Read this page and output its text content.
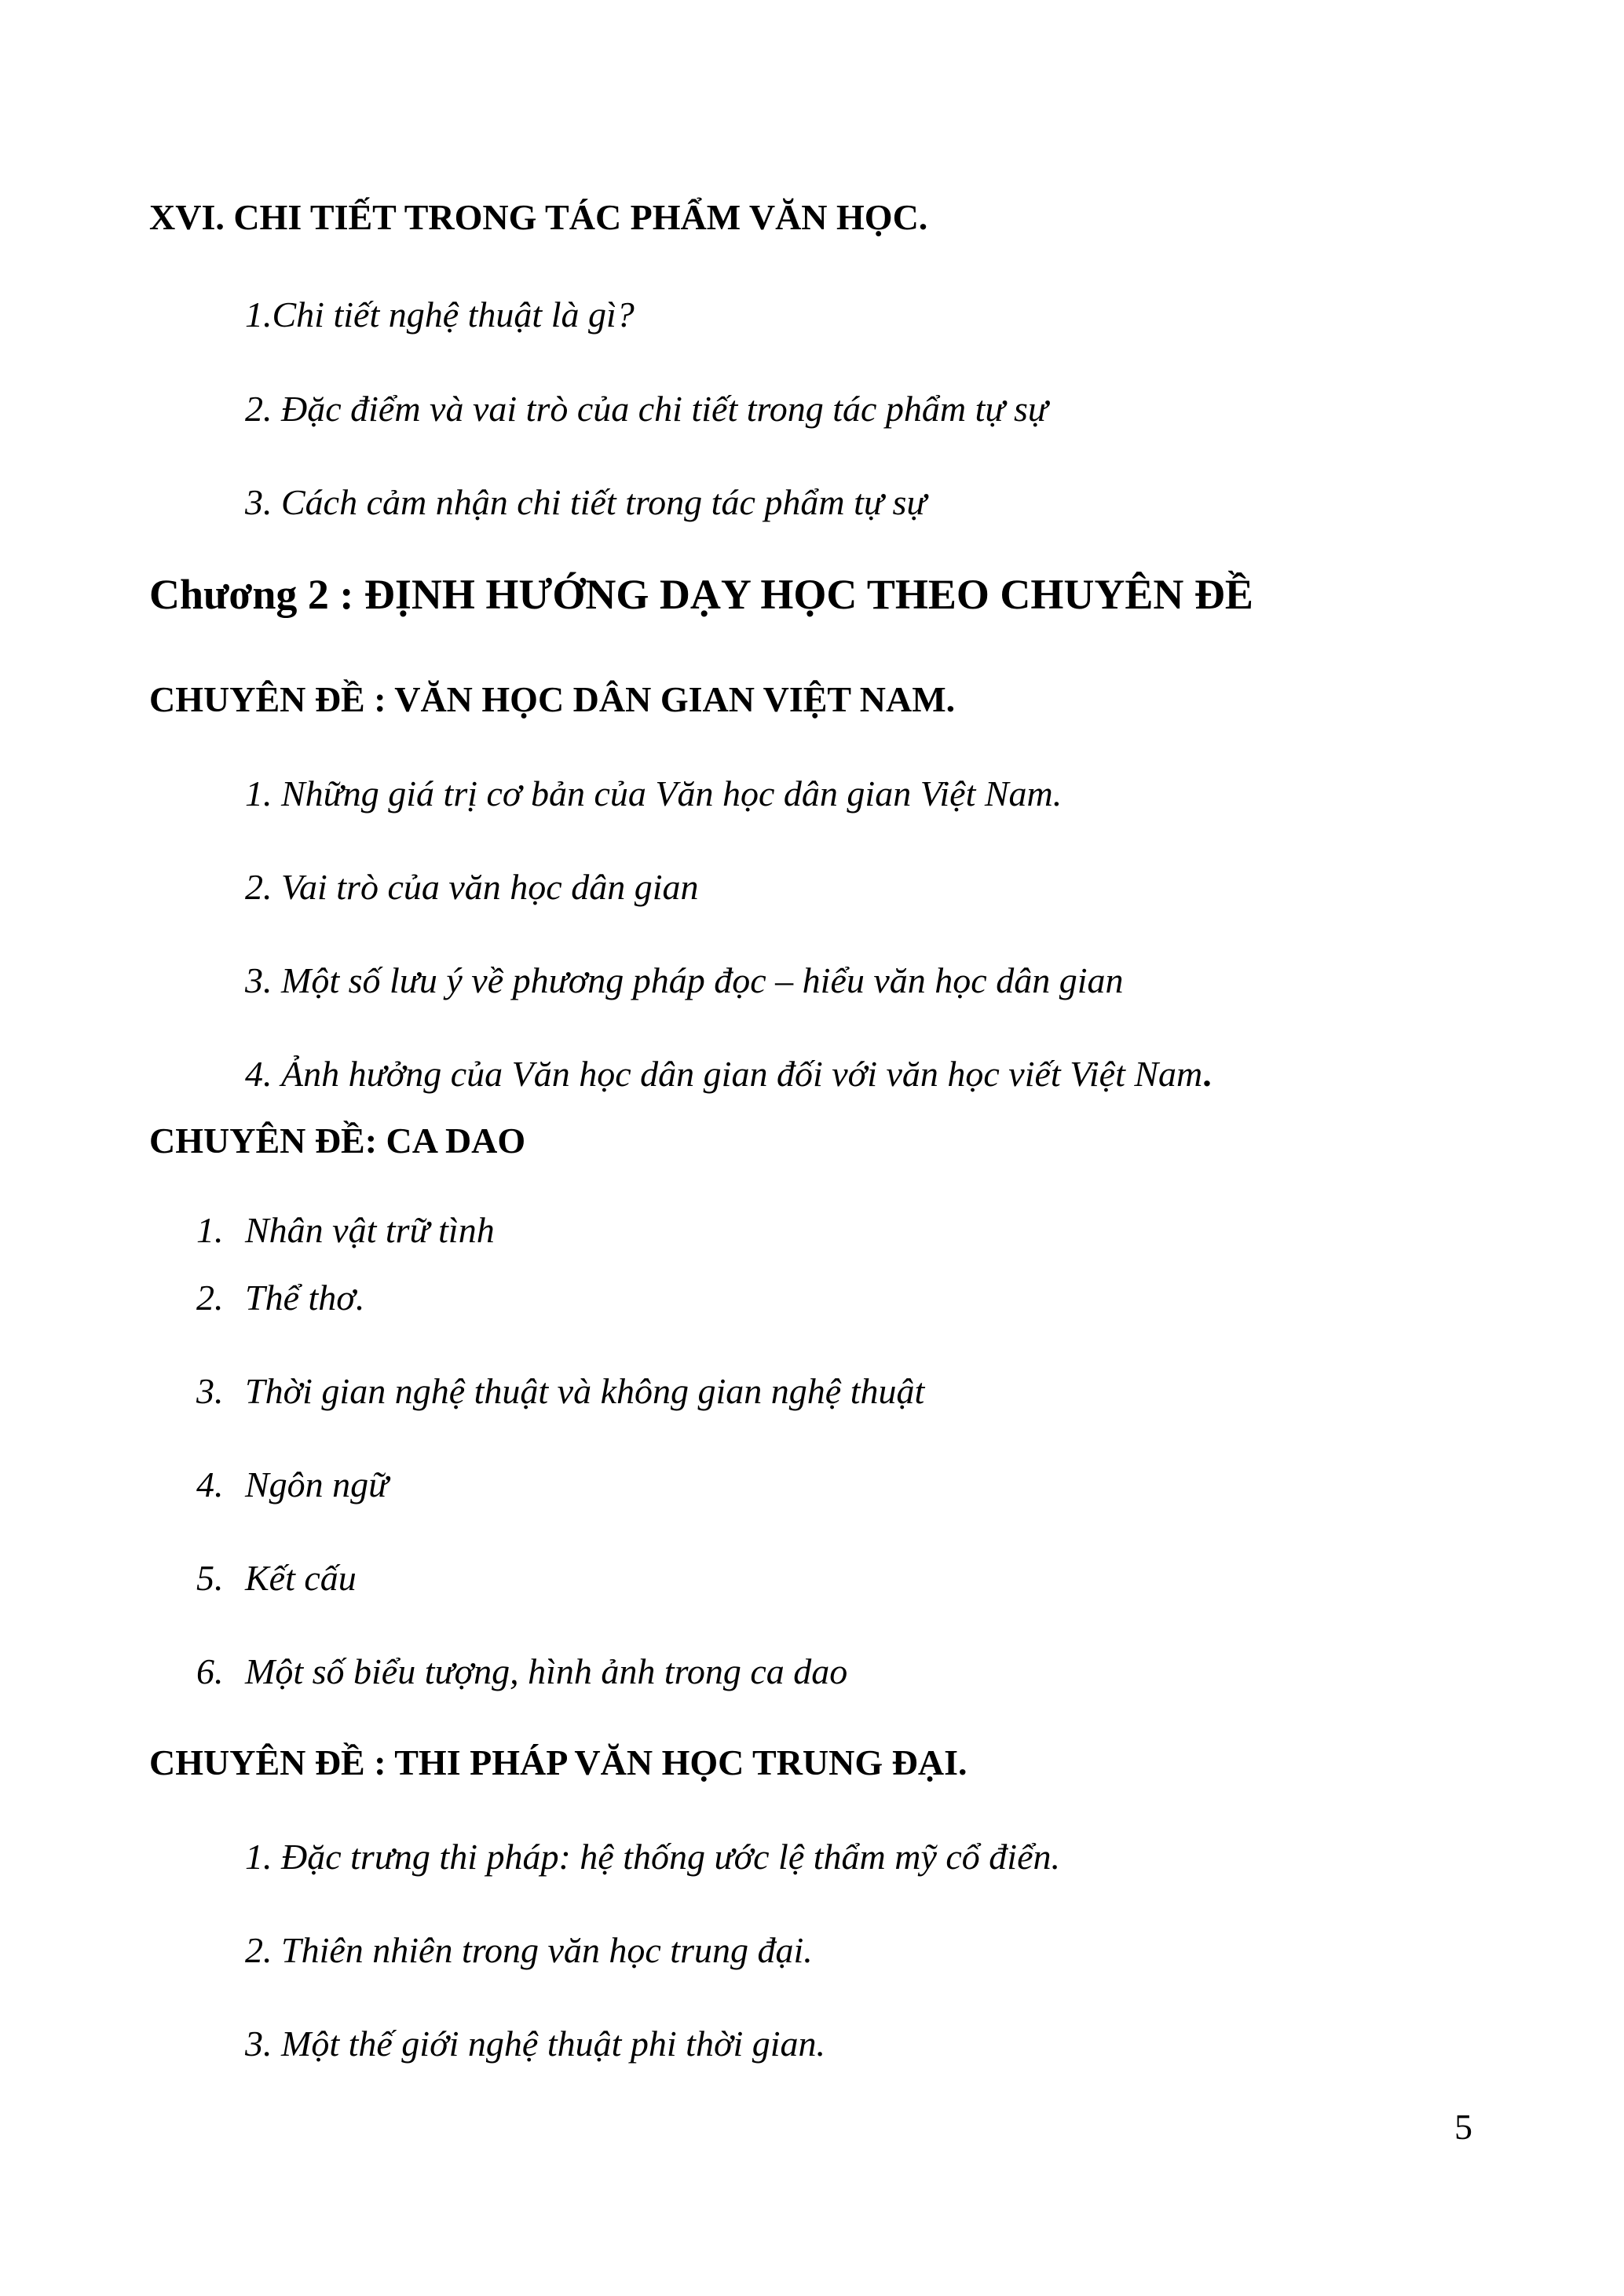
XVI. CHI TIẾT TRONG TÁC PHẨM VĂN HỌC.
1.Chi tiết nghệ thuật là gì?
2. Đặc điểm và vai trò của chi tiết trong tác phẩm tự sự
3. Cách cảm nhận chi tiết trong tác phẩm tự sự
Chương 2 : ĐỊNH HƯỚNG DẠY HỌC THEO CHUYÊN ĐỀ
CHUYÊN ĐỀ : VĂN HỌC DÂN GIAN VIỆT NAM.
1. Những giá trị cơ bản của Văn học dân gian Việt Nam.
2. Vai trò của văn học dân gian
3. Một số lưu ý về phương pháp đọc – hiểu văn học dân gian
4. Ảnh hưởng của Văn học dân gian đối với văn học viết Việt Nam.
CHUYÊN ĐỀ: CA DAO
1. Nhân vật trữ tình
2. Thể thơ.
3. Thời gian nghệ thuật và không gian nghệ thuật
4. Ngôn ngữ
5. Kết cấu
6. Một số biểu tượng, hình ảnh trong ca dao
CHUYÊN ĐỀ : THI PHÁP VĂN HỌC TRUNG ĐẠI.
1. Đặc trưng thi pháp: hệ thống ước lệ thẩm mỹ cổ điển.
2. Thiên nhiên trong văn học trung đại.
3. Một thế giới nghệ thuật phi thời gian.
5
